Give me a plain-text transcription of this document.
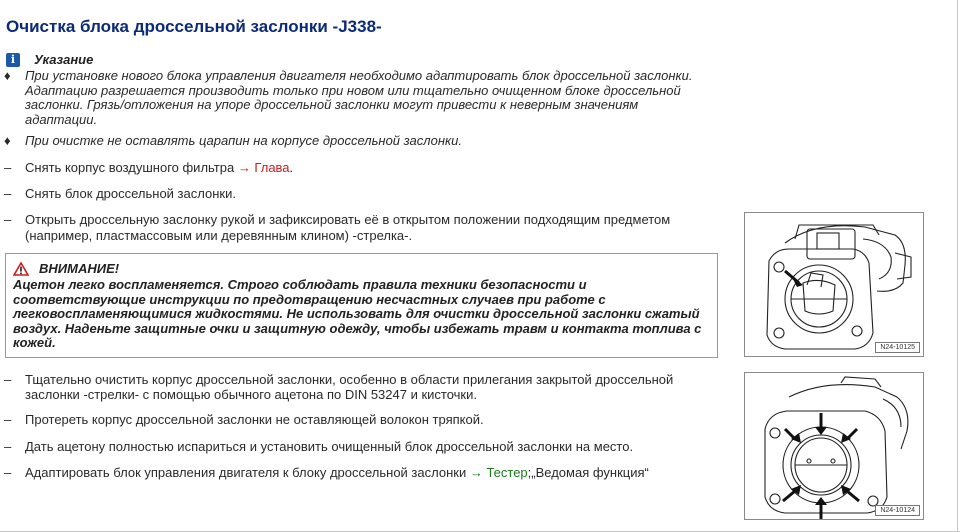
Очистка блока дроссельной заслонки -J338-
i	Указание
♦	При установке нового блока управления двигателя необходимо адаптировать блок дроссельной заслонки.
Адаптацию разрешается производить только при новом или тщательно очищенном блоке дроссельной
заслонки. Грязь/отложения на упоре дроссельной заслонки могут привести к неверным значениям
адаптации.
♦	При очистке не оставлять царапин на корпусе дроссельной заслонки.
–	Снять корпус воздушного фильтра → Глава.
–	Снять блок дроссельной заслонки.
–	Открыть дроссельную заслонку рукой и зафиксировать её в открытом положении подходящим предметом
(например, пластмассовым или деревянным клином) -стрелка-.
ВНИМАНИЕ!
Ацетон легко воспламеняется. Строго соблюдать правила техники безопасности и
соответствующие инструкции по предотвращению несчастных случаев при работе с
легковоспламеняющимися жидкостями. Не использовать для очистки дроссельной заслонки сжатый
воздух. Наденьте защитные очки и защитную одежду, чтобы избежать травм и контакта топлива с
кожей.
–	Тщательно очистить корпус дроссельной заслонки, особенно в области прилегания закрытой дроссельной
заслонки -стрелки- с помощью обычного ацетона по DIN 53247 и кисточки.
–	Протереть корпус дроссельной заслонки не оставляющей волокон тряпкой.
–	Дать ацетону полностью испариться и установить очищенный блок дроссельной заслонки на место.
–	Адаптировать блок управления двигателя к блоку дроссельной заслонки → Тестер;„Ведомая функция“
N24-10125
N24-10124
